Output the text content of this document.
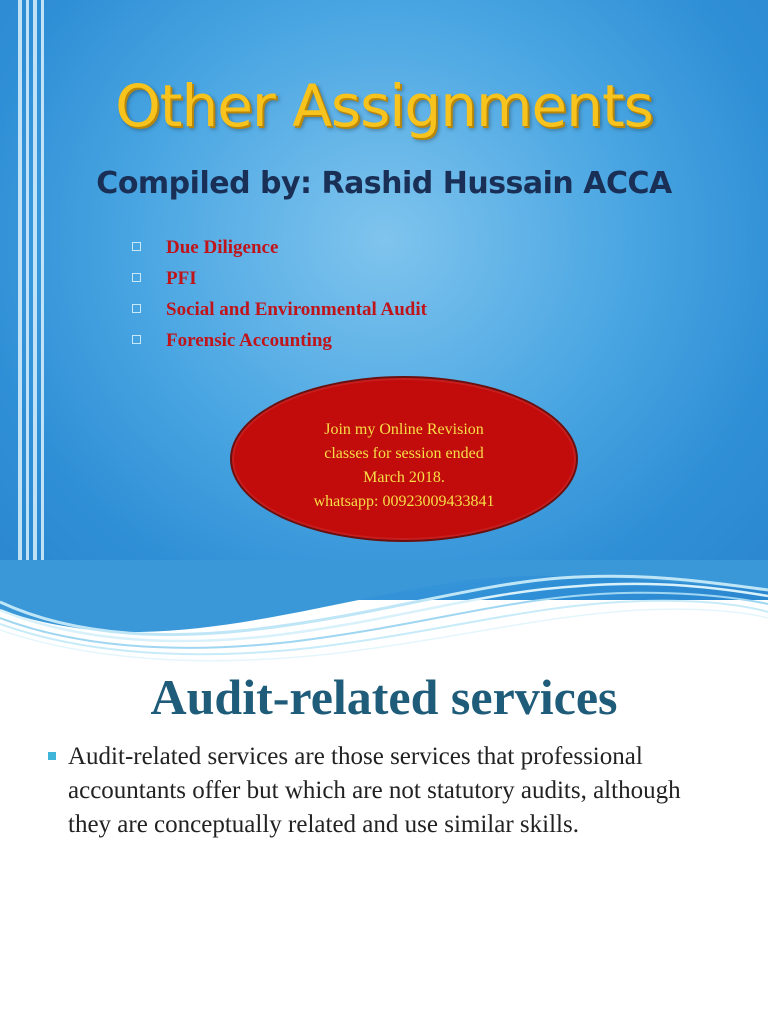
Other Assignments
Compiled by: Rashid Hussain ACCA
Due Diligence
PFI
Social and Environmental Audit
Forensic Accounting
Join my Online Revision
classes for session ended
March 2018.
whatsapp: 00923009433841
Audit-related services

Audit-related services are those services that professional accountants offer but which are not statutory audits, although they are conceptually related and use similar skills.
